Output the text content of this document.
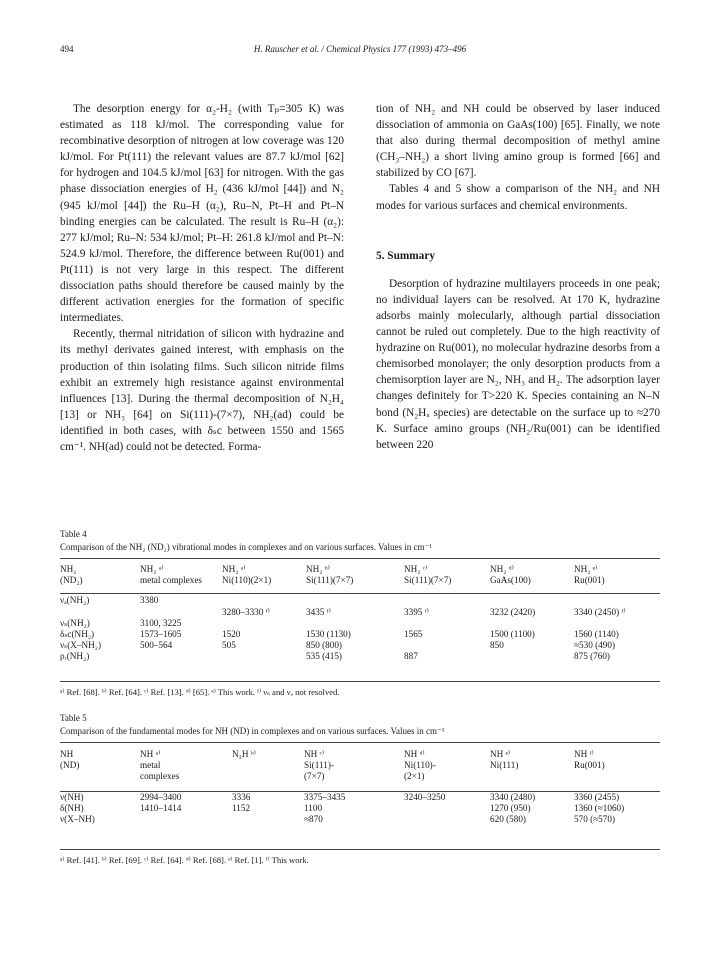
494	H. Rauscher et al. / Chemical Physics 177 (1993) 473–496

The desorption energy for α₂-H₂ (with Tₚ=305 K) was estimated as 118 kJ/mol. The corresponding value for recombinative desorption of nitrogen at low coverage was 120 kJ/mol. For Pt(111) the relevant values are 87.7 kJ/mol [62] for hydrogen and 104.5 kJ/mol [63] for nitrogen. With the gas phase dissociation energies of H₂ (436 kJ/mol [44]) and N₂ (945 kJ/mol [44]) the Ru–H (α₂), Ru–N, Pt–H and Pt–N binding energies can be calculated. The result is Ru–H (α₂): 277 kJ/mol; Ru–N: 534 kJ/mol; Pt–H: 261.8 kJ/mol and Pt–N: 524.9 kJ/mol. Therefore, the difference between Ru(001) and Pt(111) is not very large in this respect. The different dissociation paths should therefore be caused mainly by the different activation energies for the formation of specific intermediates.

Recently, thermal nitridation of silicon with hydrazine and its methyl derivates gained interest, with emphasis on the production of thin isolating films. Such silicon nitride films exhibit an extremely high resistance against environmental influences [13]. During the thermal decomposition of N₂H₄ [13] or NH₃ [64] on Si(111)-(7×7), NH₂(ad) could be identified in both cases, with δₛc between 1550 and 1565 cm⁻¹. NH(ad) could not be detected. Forma-

tion of NH₂ and NH could be observed by laser induced dissociation of ammonia on GaAs(100) [65]. Finally, we note that also during thermal decomposition of methyl amine (CH₃–NH₂) a short living amino group is formed [66] and stabilized by CO [67].

Tables 4 and 5 show a comparison of the NH₂ and NH modes for various surfaces and chemical environments.

5. Summary

Desorption of hydrazine multilayers proceeds in one peak; no individual layers can be resolved. At 170 K, hydrazine adsorbs mainly molecularly, although partial dissociation cannot be ruled out completely. Due to the high reactivity of hydrazine on Ru(001), no molecular hydrazine desorbs from a chemisorbed monolayer; the only desorption products from a chemisorption layer are N₂, NH₃ and H₂. The adsorption layer changes definitely for T>220 K. Species containing an N–N bond (N₂Hₓ species) are detectable on the surface up to ≈270 K. Surface amino groups (NH₂/Ru(001) can be identified between 220

Table 4
Comparison of the NH₂ (ND₂) vibrational modes in complexes and on various surfaces. Values in cm⁻¹
NH₂	NH₂ ᵃ⁾	NH₂ ᵃ⁾	NH₂ ᵇ⁾	NH₂ ᶜ⁾	NH₂ ᵈ⁾	NH₂ ᵉ⁾
(ND₂)	metal complexes	Ni(110)(2×1)	Si(111)(7×7)	Si(111)(7×7)	GaAs(100)	Ru(001)
νₐ(NH₂)	3380					
		3280–3330 ᶠ⁾	3435 ᶠ⁾	3395 ᶠ⁾	3232 (2420)	3340 (2450) ᶠ⁾
νₛ(NH₂)	3100, 3225					
δₛc(NH₂)	1573–1605	1520	1530 (1130)	1565	1500 (1100)	1560 (1140)
νₛ(X–NH₂)	500–564	505	850 (800)		850	≈530 (490)
ρᵣ(NH₂)			535 (415)	887		875 (760)
ᵃ⁾ Ref. [68]. ᵇ⁾ Ref. [64]. ᶜ⁾ Ref. [13]. ᵈ⁾ [65]. ᵉ⁾ This work. ᶠ⁾ νₛ and νₐ not resolved.
Table 5
Comparison of the fundamental modes for NH (ND) in complexes and on various surfaces. Values in cm⁻¹
NH	NH ᵃ⁾	N₃H ᵇ⁾	NH ᶜ⁾	NH ᵈ⁾	NH ᵉ⁾	NH ᶠ⁾
(ND)	metal		Si(111)-	Ni(110)-	Ni(111)	Ru(001)
	complexes		(7×7)	(2×1)		
ν(NH)	2994–3400	3336	3375–3435	3240–3250	3340 (2480)	3360 (2455)
δ(NH)	1410–1414	1152	1100		1270 (950)	1360 (≈1060)
ν(X–NH)			≈870		620 (580)	570 (≈570)
ᵃ⁾ Ref. [41]. ᵇ⁾ Ref. [69]. ᶜ⁾ Ref. [64]. ᵈ⁾ Ref. [68]. ᵉ⁾ Ref. [1]. ᶠ⁾ This work.
